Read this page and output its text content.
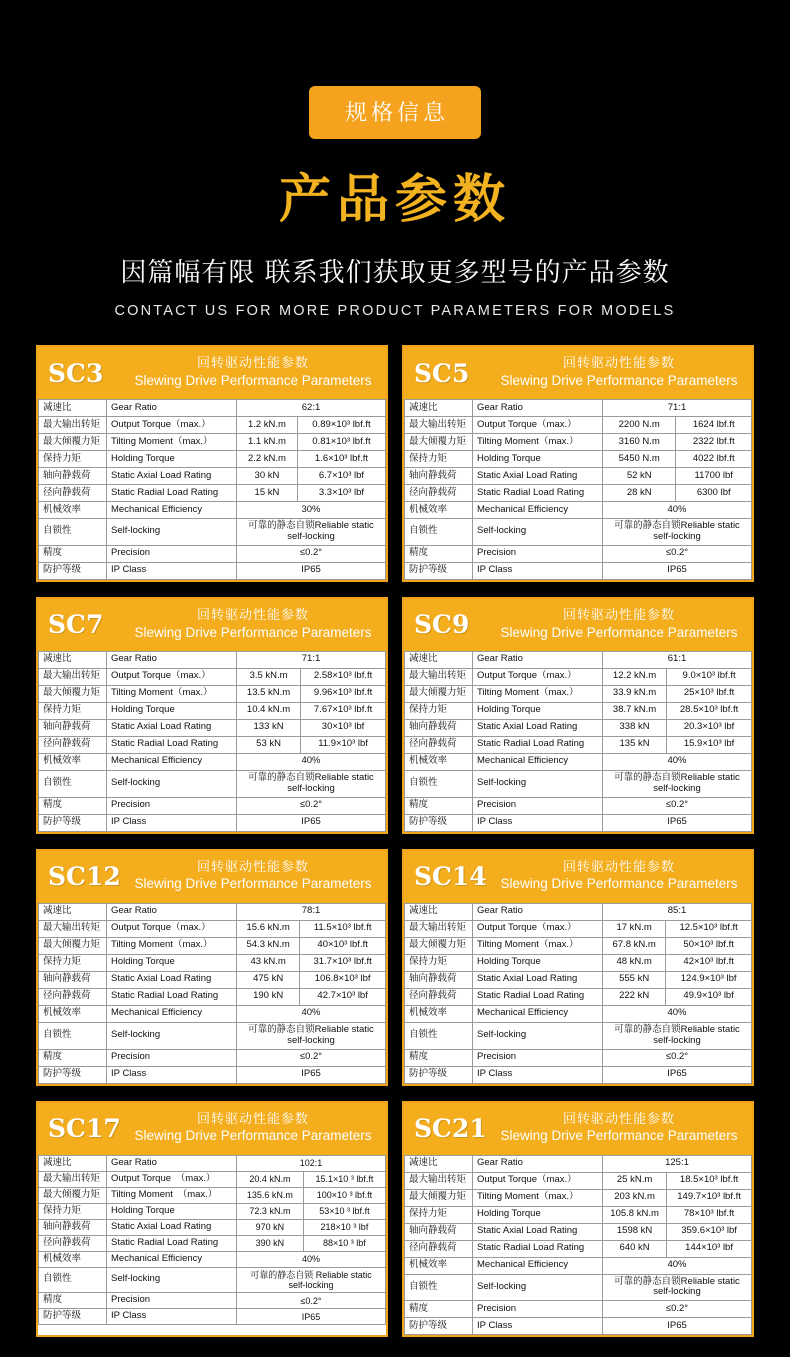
规格信息
产品参数
因篇幅有限 联系我们获取更多型号的产品参数
CONTACT US FOR MORE PRODUCT PARAMETERS FOR MODELS
SC3	回转驱动性能参数
Slewing Drive Performance Parameters
减速比	Gear Ratio	62:1	
最大输出转矩	Output Torque（max.）	1.2 kN.m	0.89×10³ lbf.ft
最大倾覆力矩	Tilting Moment（max.）	1.1 kN.m	0.81×10³ lbf.ft
保持力矩	Holding Torque	2.2 kN.m	1.6×10³ lbf.ft
轴向静载荷	Static Axial Load Rating	30 kN	6.7×10³ lbf
径向静载荷	Static Radial Load Rating	15 kN	3.3×10³ lbf
机械效率	Mechanical Efficiency	30%	
自锁性	Self-locking	可靠的静态自锁Reliable static self-locking	
精度	Precision	≤0.2°	
防护等级	IP Class	IP65	
SC5	回转驱动性能参数
Slewing Drive Performance Parameters
减速比	Gear Ratio	71:1	
最大输出转矩	Output Torque（max.）	2200 N.m	1624 lbf.ft
最大倾覆力矩	Tilting Moment（max.）	3160 N.m	2322 lbf.ft
保持力矩	Holding Torque	5450 N.m	4022 lbf.ft
轴向静载荷	Static Axial Load Rating	52 kN	11700 lbf
径向静载荷	Static Radial Load Rating	28 kN	6300 lbf
机械效率	Mechanical Efficiency	40%	
自锁性	Self-locking	可靠的静态自锁Reliable static self-locking	
精度	Precision	≤0.2°	
防护等级	IP Class	IP65	
SC7	回转驱动性能参数
Slewing Drive Performance Parameters
减速比	Gear Ratio	71:1	
最大输出转矩	Output Torque（max.）	3.5 kN.m	2.58×10³ lbf.ft
最大倾覆力矩	Tilting Moment（max.）	13.5 kN.m	9.96×10³ lbf.ft
保持力矩	Holding Torque	10.4 kN.m	7.67×10³ lbf.ft
轴向静载荷	Static Axial Load Rating	133 kN	30×10³ lbf
径向静载荷	Static Radial Load Rating	53 kN	11.9×10³ lbf
机械效率	Mechanical Efficiency	40%	
自锁性	Self-locking	可靠的静态自锁Reliable static self-locking	
精度	Precision	≤0.2°	
防护等级	IP Class	IP65	
SC9	回转驱动性能参数
Slewing Drive Performance Parameters
减速比	Gear Ratio	61:1	
最大输出转矩	Output Torque（max.）	12.2 kN.m	9.0×10³ lbf.ft
最大倾覆力矩	Tilting Moment（max.）	33.9 kN.m	25×10³ lbf.ft
保持力矩	Holding Torque	38.7 kN.m	28.5×10³ lbf.ft
轴向静载荷	Static Axial Load Rating	338 kN	20.3×10³ lbf
径向静载荷	Static Radial Load Rating	135 kN	15.9×10³ lbf
机械效率	Mechanical Efficiency	40%	
自锁性	Self-locking	可靠的静态自锁Reliable static self-locking	
精度	Precision	≤0.2°	
防护等级	IP Class	IP65	
SC12	回转驱动性能参数
Slewing Drive Performance Parameters
减速比	Gear Ratio	78:1	
最大输出转矩	Output Torque（max.）	15.6 kN.m	11.5×10³ lbf.ft
最大倾覆力矩	Tilting Moment（max.）	54.3 kN.m	40×10³ lbf.ft
保持力矩	Holding Torque	43 kN.m	31.7×10³ lbf.ft
轴向静载荷	Static Axial Load Rating	475 kN	106.8×10³ lbf
径向静载荷	Static Radial Load Rating	190 kN	42.7×10³ lbf
机械效率	Mechanical Efficiency	40%	
自锁性	Self-locking	可靠的静态自锁Reliable static self-locking	
精度	Precision	≤0.2°	
防护等级	IP Class	IP65	
SC14	回转驱动性能参数
Slewing Drive Performance Parameters
减速比	Gear Ratio	85:1	
最大输出转矩	Output Torque（max.）	17 kN.m	12.5×10³ lbf.ft
最大倾覆力矩	Tilting Moment（max.）	67.8 kN.m	50×10³ lbf.ft
保持力矩	Holding Torque	48 kN.m	42×10³ lbf.ft
轴向静载荷	Static Axial Load Rating	555 kN	124.9×10³ lbf
径向静载荷	Static Radial Load Rating	222 kN	49.9×10³ lbf
机械效率	Mechanical Efficiency	40%	
自锁性	Self-locking	可靠的静态自锁Reliable static self-locking	
精度	Precision	≤0.2°	
防护等级	IP Class	IP65	
SC17	回转驱动性能参数
Slewing Drive Performance Parameters
减速比	Gear Ratio	102:1	
最大输出转矩	Output Torque　（max.）	20.4 kN.m	15.1×10 ³ lbf.ft
最大倾覆力矩	Tilting Moment　（max.）	135.6 kN.m	100×10 ³ lbf.ft
保持力矩	Holding Torque	72.3 kN.m	53×10 ³ lbf.ft
轴向静载荷	Static Axial Load Rating	970 kN	218×10 ³ lbf
径向静载荷	Static Radial Load Rating	390 kN	88×10 ³ lbf
机械效率	Mechanical Efficiency	40%	
自锁性	Self-locking	可靠的静态自锁 Reliable static self-locking	
精度	Precision	≤0.2°	
防护等级	IP Class	IP65	
SC21	回转驱动性能参数
Slewing Drive Performance Parameters
减速比	Gear Ratio	125:1	
最大输出转矩	Output Torque（max.）	25 kN.m	18.5×10³ lbf.ft
最大倾覆力矩	Tilting Moment（max.）	203 kN.m	149.7×10³ lbf.ft
保持力矩	Holding Torque	105.8 kN.m	78×10³ lbf.ft
轴向静载荷	Static Axial Load Rating	1598 kN	359.6×10³ lbf
径向静载荷	Static Radial Load Rating	640 kN	144×10³ lbf
机械效率	Mechanical Efficiency	40%	
自锁性	Self-locking	可靠的静态自锁Reliable static self-locking	
精度	Precision	≤0.2°	
防护等级	IP Class	IP65	
